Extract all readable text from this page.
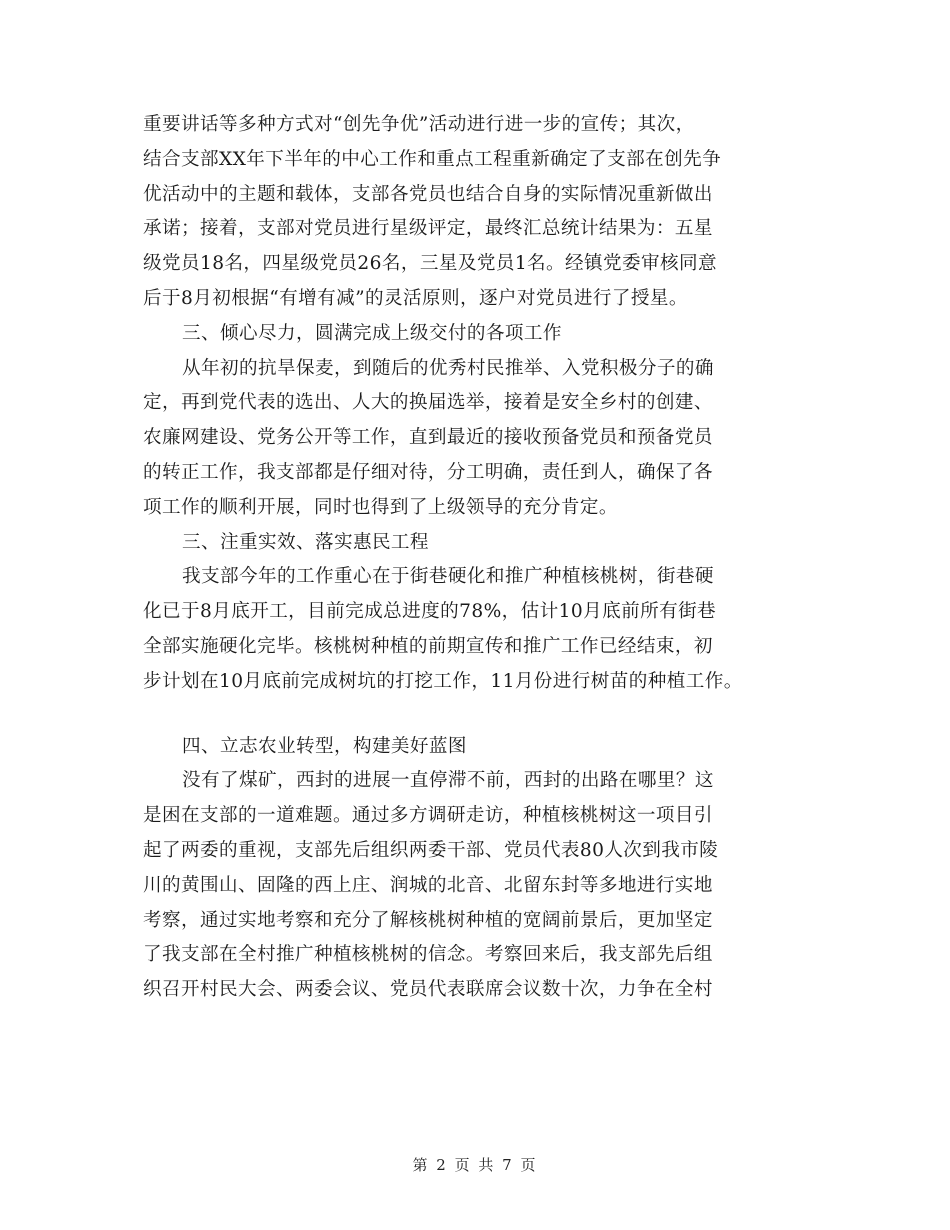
重要讲话等多种方式对“创先争优”活动进行进一步的宣传；其次，
结合支部XX年下半年的中心工作和重点工程重新确定了支部在创先争
优活动中的主题和载体，支部各党员也结合自身的实际情况重新做出
承诺；接着，支部对党员进行星级评定，最终汇总统计结果为：五星
级党员18名，四星级党员26名，三星及党员1名。经镇党委审核同意
后于8月初根据“有增有减”的灵活原则，逐户对党员进行了授星。
三、倾心尽力，圆满完成上级交付的各项工作
从年初的抗旱保麦，到随后的优秀村民推举、入党积极分子的确
定，再到党代表的选出、人大的换届选举，接着是安全乡村的创建、
农廉网建设、党务公开等工作，直到最近的接收预备党员和预备党员
的转正工作，我支部都是仔细对待，分工明确，责任到人，确保了各
项工作的顺利开展，同时也得到了上级领导的充分肯定。
三、注重实效、落实惠民工程
我支部今年的工作重心在于街巷硬化和推广种植核桃树，街巷硬
化已于8月底开工，目前完成总进度的78%，估计10月底前所有街巷
全部实施硬化完毕。核桃树种植的前期宣传和推广工作已经结束，初
步计划在10月底前完成树坑的打挖工作，11月份进行树苗的种植工作。
四、立志农业转型，构建美好蓝图
没有了煤矿，西封的进展一直停滞不前，西封的出路在哪里？这
是困在支部的一道难题。通过多方调研走访，种植核桃树这一项目引
起了两委的重视，支部先后组织两委干部、党员代表80人次到我市陵
川的黄围山、固隆的西上庄、润城的北音、北留东封等多地进行实地
考察，通过实地考察和充分了解核桃树种植的宽阔前景后，更加坚定
了我支部在全村推广种植核桃树的信念。考察回来后，我支部先后组
织召开村民大会、两委会议、党员代表联席会议数十次，力争在全村
第 2 页 共 7 页
